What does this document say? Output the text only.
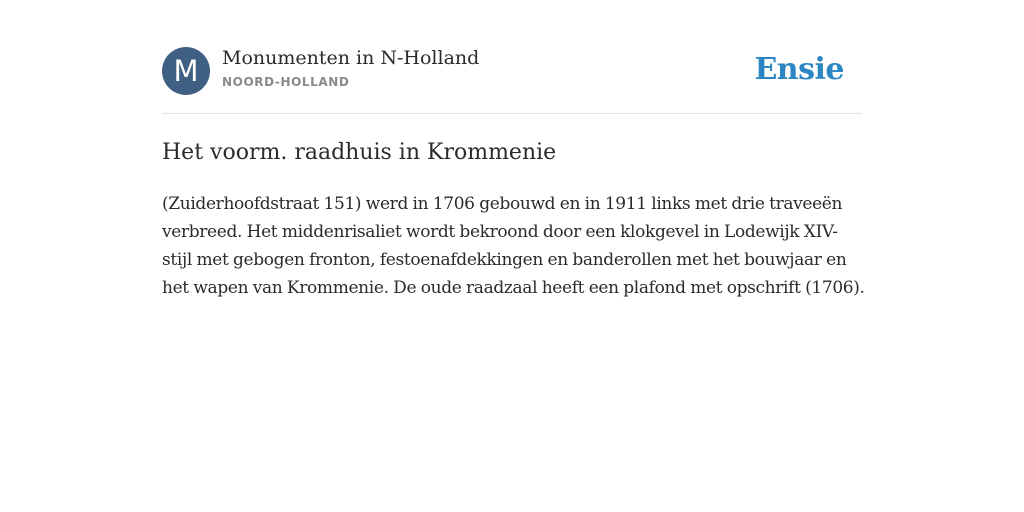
M	Monumenten in N-Holland
NOORD-HOLLAND	Ensie
Het voorm. raadhuis in Krommenie
(Zuiderhoofdstraat 151) werd in 1706 gebouwd en in 1911 links met drie traveeën verbreed. Het middenrisaliet wordt bekroond door een klokgevel in Lodewijk XIV-stijl met gebogen fronton, festoenafdekkingen en banderollen met het bouwjaar en het wapen van Krommenie. De oude raadzaal heeft een plafond met opschrift (1706).
